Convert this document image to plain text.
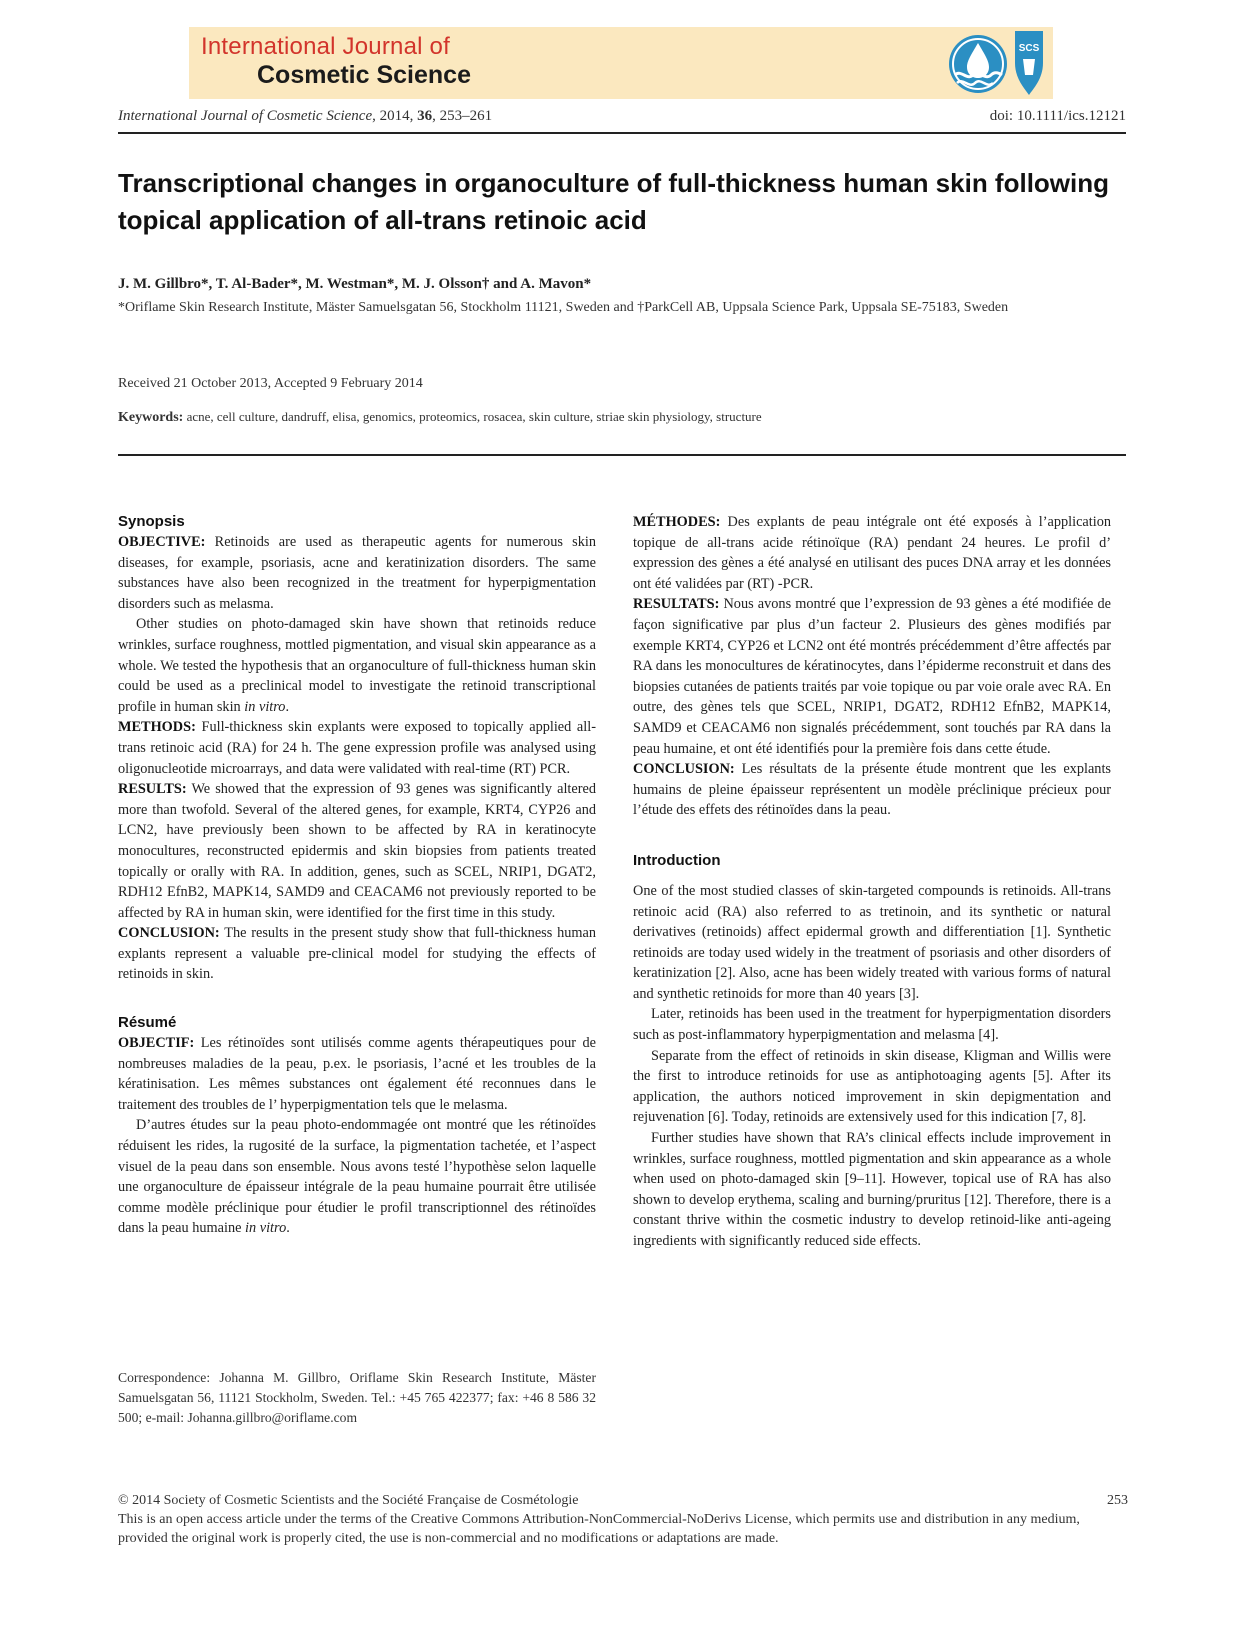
International Journal of
Cosmetic Science
SCS
International Journal of Cosmetic Science, 2014, 36, 253–261	doi: 10.1111/ics.12121
Transcriptional changes in organoculture of full-thickness human skin following topical application of all-trans retinoic acid
J. M. Gillbro*, T. Al-Bader*, M. Westman*, M. J. Olsson† and A. Mavon*
*Oriflame Skin Research Institute, Mäster Samuelsgatan 56, Stockholm 11121, Sweden and †ParkCell AB, Uppsala Science Park, Uppsala SE-75183, Sweden
Received 21 October 2013, Accepted 9 February 2014
Keywords: acne, cell culture, dandruff, elisa, genomics, proteomics, rosacea, skin culture, striae skin physiology, structure
Synopsis

OBJECTIVE: Retinoids are used as therapeutic agents for numerous skin diseases, for example, psoriasis, acne and keratinization disorders. The same substances have also been recognized in the treatment for hyperpigmentation disorders such as melasma.

Other studies on photo-damaged skin have shown that retinoids reduce wrinkles, surface roughness, mottled pigmentation, and visual skin appearance as a whole. We tested the hypothesis that an organoculture of full-thickness human skin could be used as a preclinical model to investigate the retinoid transcriptional profile in human skin in vitro.

METHODS: Full-thickness skin explants were exposed to topically applied all-trans retinoic acid (RA) for 24 h. The gene expression profile was analysed using oligonucleotide microarrays, and data were validated with real-time (RT) PCR.

RESULTS: We showed that the expression of 93 genes was significantly altered more than twofold. Several of the altered genes, for example, KRT4, CYP26 and LCN2, have previously been shown to be affected by RA in keratinocyte monocultures, reconstructed epidermis and skin biopsies from patients treated topically or orally with RA. In addition, genes, such as SCEL, NRIP1, DGAT2, RDH12 EfnB2, MAPK14, SAMD9 and CEACAM6 not previously reported to be affected by RA in human skin, were identified for the first time in this study.

CONCLUSION: The results in the present study show that full-thickness human explants represent a valuable pre-clinical model for studying the effects of retinoids in skin.

Résumé

OBJECTIF: Les rétinoïdes sont utilisés comme agents thérapeutiques pour de nombreuses maladies de la peau, p.ex. le psoriasis, l’acné et les troubles de la kératinisation. Les mêmes substances ont également été reconnues dans le traitement des troubles de l’ hyperpigmentation tels que le melasma.

D’autres études sur la peau photo-endommagée ont montré que les rétinoïdes réduisent les rides, la rugosité de la surface, la pigmentation tachetée, et l’aspect visuel de la peau dans son ensemble. Nous avons testé l’hypothèse selon laquelle une organoculture de épaisseur intégrale de la peau humaine pourrait être utilisée comme modèle préclinique pour étudier le profil transcriptionnel des rétinoïdes dans la peau humaine in vitro.

MÉTHODES: Des explants de peau intégrale ont été exposés à l’application topique de all-trans acide rétinoïque (RA) pendant 24 heures. Le profil d’ expression des gènes a été analysé en utilisant des puces DNA array et les données ont été validées par (RT) -PCR.

RESULTATS: Nous avons montré que l’expression de 93 gènes a été modifiée de façon significative par plus d’un facteur 2. Plusieurs des gènes modifiés par exemple KRT4, CYP26 et LCN2 ont été montrés précédemment d’être affectés par RA dans les monocultures de kératinocytes, dans l’épiderme reconstruit et dans des biopsies cutanées de patients traités par voie topique ou par voie orale avec RA. En outre, des gènes tels que SCEL, NRIP1, DGAT2, RDH12 EfnB2, MAPK14, SAMD9 et CEACAM6 non signalés précédemment, sont touchés par RA dans la peau humaine, et ont été identifiés pour la première fois dans cette étude.

CONCLUSION: Les résultats de la présente étude montrent que les explants humains de pleine épaisseur représentent un modèle préclinique précieux pour l’étude des effets des rétinoïdes dans la peau.

Introduction

One of the most studied classes of skin-targeted compounds is retinoids. All-trans retinoic acid (RA) also referred to as tretinoin, and its synthetic or natural derivatives (retinoids) affect epidermal growth and differentiation [1]. Synthetic retinoids are today used widely in the treatment of psoriasis and other disorders of keratinization [2]. Also, acne has been widely treated with various forms of natural and synthetic retinoids for more than 40 years [3].

Later, retinoids has been used in the treatment for hyperpigmentation disorders such as post-inflammatory hyperpigmentation and melasma [4].

Separate from the effect of retinoids in skin disease, Kligman and Willis were the first to introduce retinoids for use as antiphotoaging agents [5]. After its application, the authors noticed improvement in skin depigmentation and rejuvenation [6]. Today, retinoids are extensively used for this indication [7, 8].

Further studies have shown that RA’s clinical effects include improvement in wrinkles, surface roughness, mottled pigmentation and skin appearance as a whole when used on photo-damaged skin [9–11]. However, topical use of RA has also shown to develop erythema, scaling and burning/pruritus [12]. Therefore, there is a constant thrive within the cosmetic industry to develop retinoid-like anti-ageing ingredients with significantly reduced side effects.

Correspondence: Johanna M. Gillbro, Oriflame Skin Research Institute, Mäster Samuelsgatan 56, 11121 Stockholm, Sweden. Tel.: +45 765 422377; fax: +46 8 586 32 500; e-mail: Johanna.gillbro@oriflame.com

© 2014 Society of Cosmetic Scientists and the Société Française de Cosmétologie	253
This is an open access article under the terms of the Creative Commons Attribution-NonCommercial-NoDerivs License, which permits use and distribution in any medium, provided the original work is properly cited, the use is non-commercial and no modifications or adaptations are made.
